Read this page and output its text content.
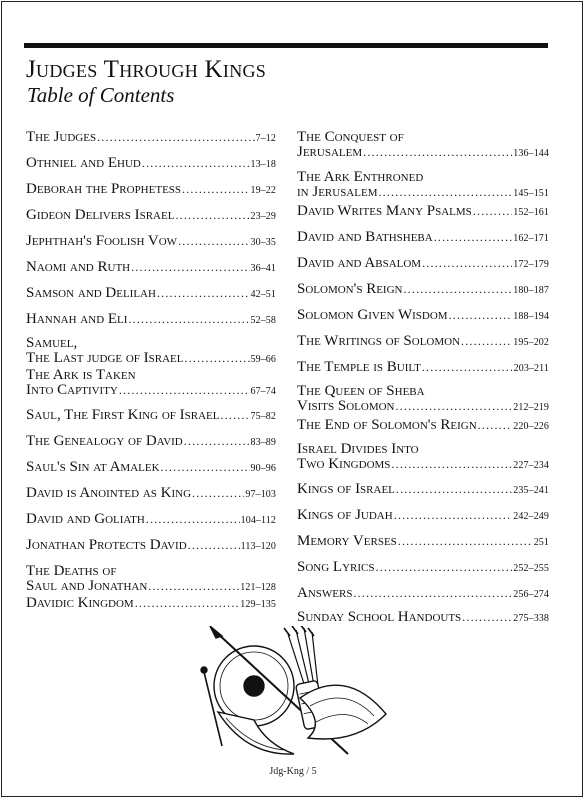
Judges Through Kings
Table of Contents
The Judges .....	7–12
Othniel and Ehud .....	13–18
Deborah the Prophetess .....	19–22
Gideon Delivers Israel .....	23–29
Jephthah's Foolish Vow .....	30–35
Naomi and Ruth .....	36–41
Samson and Delilah .....	42–51
Hannah and Eli .....	52–58
Samuel,
The Last judge of Israel .....	59–66
The Ark is Taken
Into Captivity .....	67–74
Saul, The First King of Israel .....	75–82
The Genealogy of David .....	83–89
Saul's Sin at Amalek .....	90–96
David is Anointed as King .....	97–103
David and Goliath .....	104–112
Jonathan Protects David .....	113–120
The Deaths of
Saul and Jonathan .....	121–128
Davidic Kingdom .....	129–135
The Conquest of
Jerusalem .....	136–144
The Ark Enthroned
in Jerusalem .....	145–151
David Writes Many Psalms .....	152–161
David and Bathsheba .....	162–171
David and Absalom .....	172–179
Solomon's Reign .....	180–187
Solomon Given Wisdom .....	188–194
The Writings of Solomon .....	195–202
The Temple is Built .....	203–211
The Queen of Sheba
Visits Solomon .....	212–219
The End of Solomon's Reign .....	220–226
Israel Divides Into
Two Kingdoms .....	227–234
Kings of Israel .....	235–241
Kings of Judah .....	242–249
Memory Verses .....	251
Song Lyrics .....	252–255
Answers .....	256–274
Sunday School Handouts .....	275–338
Jdg-Kng / 5
